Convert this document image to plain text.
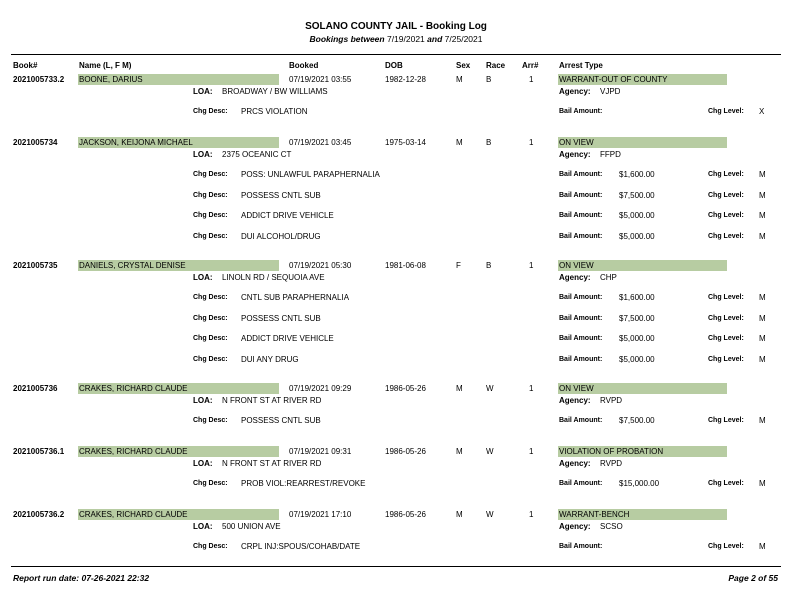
SOLANO COUNTY JAIL - Booking Log
Bookings between 7/19/2021 and 7/25/2021
Book#	Name (L, F M)	Booked	DOB	Sex Race Arr#	Arrest Type
2021005733.2 BOONE, DARIUS	07/19/2021 03:55	1982-12-28	M	B	1	WARRANT-OUT OF COUNTY
LOA: BROADWAY / BW WILLIAMS	Agency: VJPD
Chg Desc: PRCS VIOLATION	Bail Amount:	Chg Level: X
2021005734	JACKSON, KEIJONA MICHAEL	07/19/2021 03:45	1975-03-14	M	B	1	ON VIEW
LOA: 2375 OCEANIC CT	Agency: FFPD
Chg Desc: POSS: UNLAWFUL PARAPHERNALIA	Bail Amount: $1,600.00	Chg Level: M
Chg Desc: POSSESS CNTL SUB	Bail Amount: $7,500.00	Chg Level: M
Chg Desc: ADDICT DRIVE VEHICLE	Bail Amount: $5,000.00	Chg Level: M
Chg Desc: DUI ALCOHOL/DRUG	Bail Amount: $5,000.00	Chg Level: M
2021005735	DANIELS, CRYSTAL DENISE	07/19/2021 05:30	1981-06-08	F	B	1	ON VIEW
LOA: LINOLN RD / SEQUOIA AVE	Agency: CHP
Chg Desc: CNTL SUB PARAPHERNALIA	Bail Amount: $1,600.00	Chg Level: M
Chg Desc: POSSESS CNTL SUB	Bail Amount: $7,500.00	Chg Level: M
Chg Desc: ADDICT DRIVE VEHICLE	Bail Amount: $5,000.00	Chg Level: M
Chg Desc: DUI ANY DRUG	Bail Amount: $5,000.00	Chg Level: M
2021005736	CRAKES, RICHARD CLAUDE	07/19/2021 09:29	1986-05-26	M	W	1	ON VIEW
LOA: N FRONT ST AT RIVER RD	Agency: RVPD
Chg Desc: POSSESS CNTL SUB	Bail Amount: $7,500.00	Chg Level: M
2021005736.1 CRAKES, RICHARD CLAUDE	07/19/2021 09:31	1986-05-26	M	W	1	VIOLATION OF PROBATION
LOA: N FRONT ST AT RIVER RD	Agency: RVPD
Chg Desc: PROB VIOL:REARREST/REVOKE	Bail Amount: $15,000.00	Chg Level: M
2021005736.2 CRAKES, RICHARD CLAUDE	07/19/2021 17:10	1986-05-26	M	W	1	WARRANT-BENCH
LOA: 500 UNION AVE	Agency: SCSO
Chg Desc: CRPL INJ:SPOUS/COHAB/DATE	Bail Amount:	Chg Level: M
Report run date: 07-26-2021 22:32	Page 2 of 55
